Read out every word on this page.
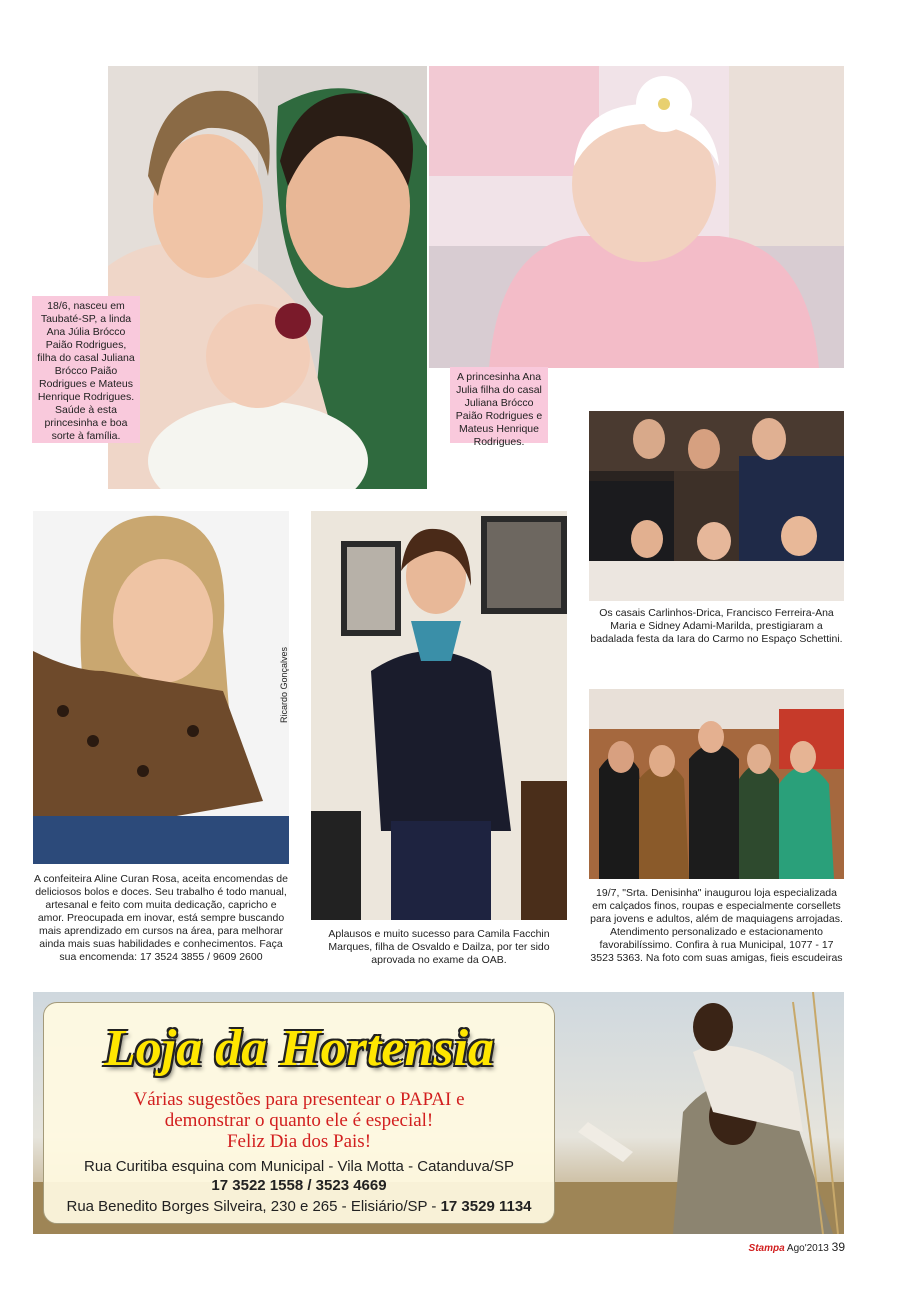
18/6, nasceu em Taubaté-SP, a linda Ana Júlia Brócco Paião Rodrigues, filha do casal Juliana Brócco Paião Rodrigues e Mateus Henrique Rodrigues. Saúde à esta princesinha e boa sorte à família.
A princesinha Ana Julia filha do casal Juliana Brócco Paião Rodrigues e Mateus Henrique Rodrigues.
Os casais Carlinhos-Drica, Francisco Ferreira-Ana Maria e Sidney Adami-Marilda, prestigiaram a badalada festa da Iara do Carmo no Espaço Schettini.
Ricardo Gonçalves
A confeiteira Aline Curan Rosa, aceita encomendas de deliciosos bolos e doces. Seu trabalho é todo manual, artesanal e feito com muita dedicação, capricho e amor. Preocupada em inovar, está sempre buscando mais aprendizado em cursos na área, para melhorar ainda mais suas habilidades e conhecimentos. Faça sua encomenda: 17 3524 3855 / 9609 2600
Aplausos e muito sucesso para Camila Facchin Marques, filha de Osvaldo e Dailza, por ter sido aprovada no exame da OAB.
19/7, "Srta. Denisinha" inaugurou loja especializada em calçados finos, roupas e especialmente corsellets para jovens e adultos, além de maquiagens arrojadas. Atendimento personalizado e estacionamento favorabilíssimo. Confira à rua Municipal, 1077 - 17 3523 5363. Na foto com suas amigas, fieis escudeiras
Loja da Hortensia
Várias sugestões para presentear o PAPAI e
demonstrar o quanto ele é especial!
Feliz Dia dos Pais!
Rua Curitiba esquina com Municipal - Vila Motta - Catanduva/SP
17 3522 1558 / 3523 4669
Rua Benedito Borges Silveira, 230 e 265 - Elisiário/SP - 17 3529 1134
Stampa Ago'2013 39
